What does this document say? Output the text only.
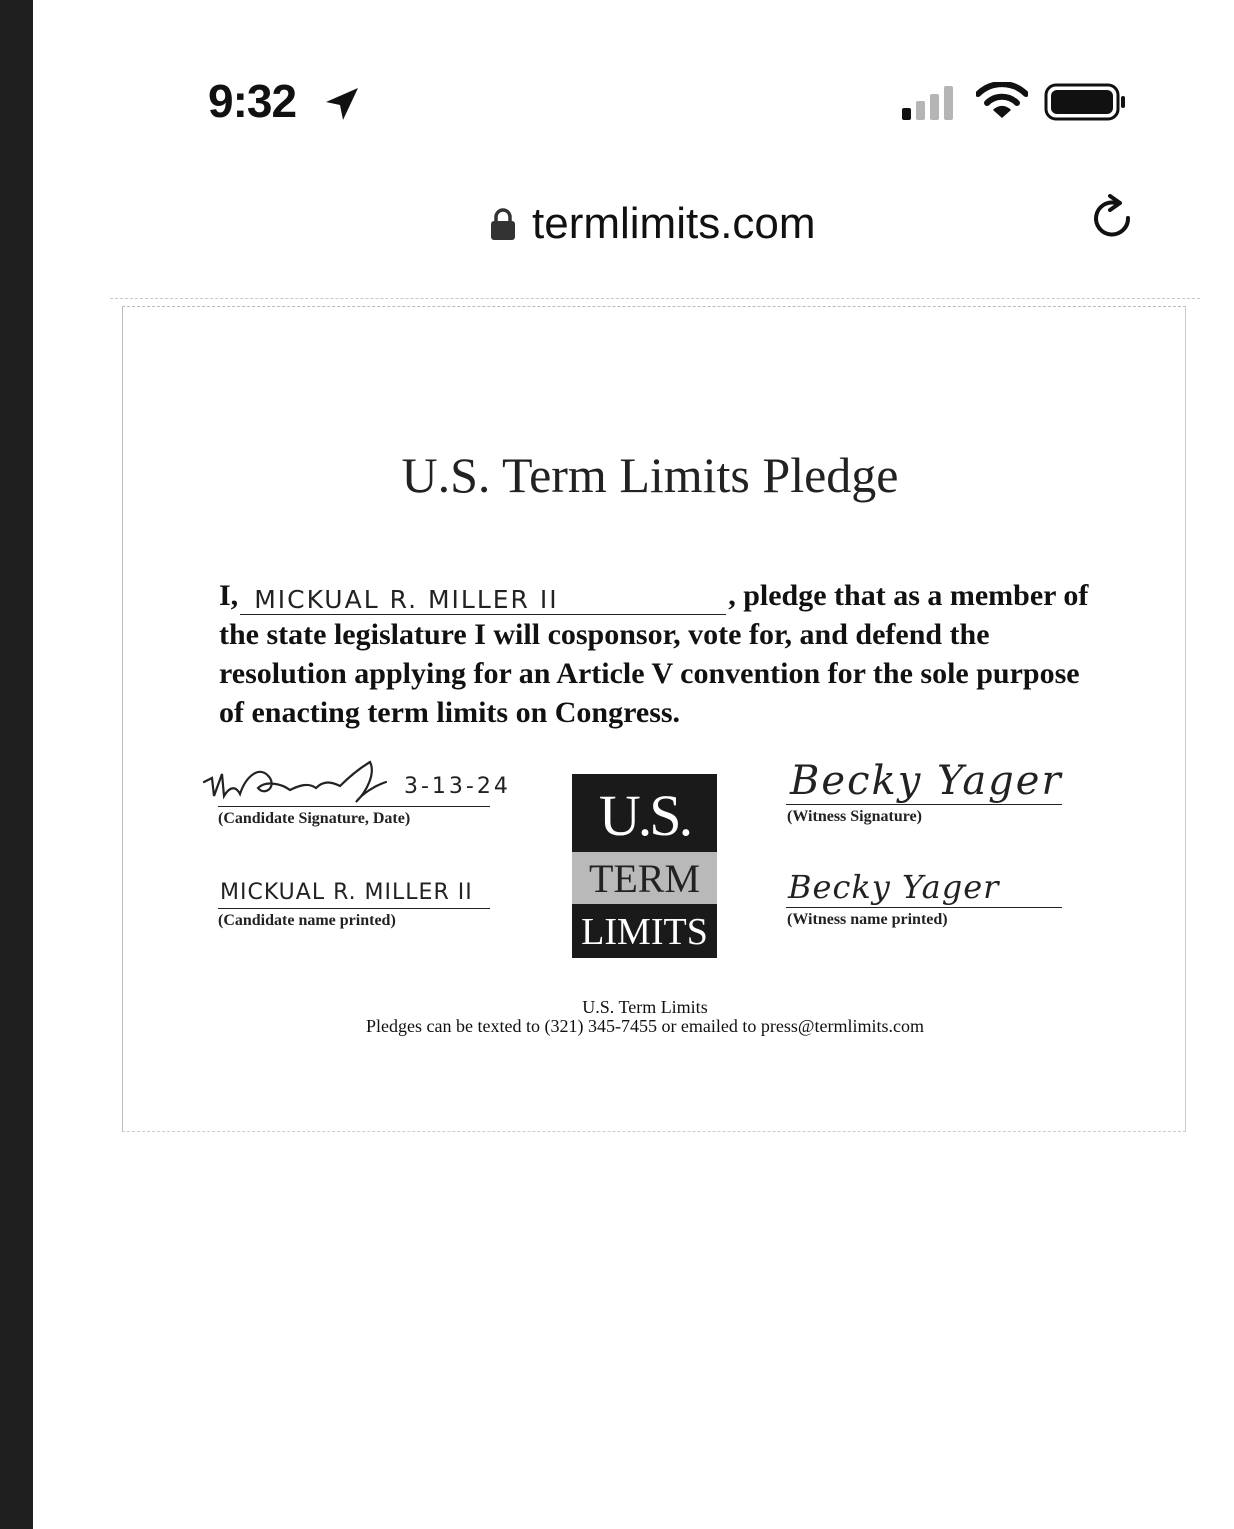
9:32
termlimits.com
U.S. Term Limits Pledge
I, MICKUAL R. MILLER II	, pledge that as a member of the state legislature I will cosponsor, vote for, and defend the resolution applying for an Article V convention for the sole purpose of enacting term limits on Congress.
3-13-24
(Candidate Signature, Date)
MICKUAL R. MILLER II
(Candidate name printed)
U.S.
TERM
LIMITS
Becky Yager
(Witness Signature)
Becky Yager
(Witness name printed)
U.S. Term Limits
Pledges can be texted to (321) 345-7455 or emailed to press@termlimits.com
